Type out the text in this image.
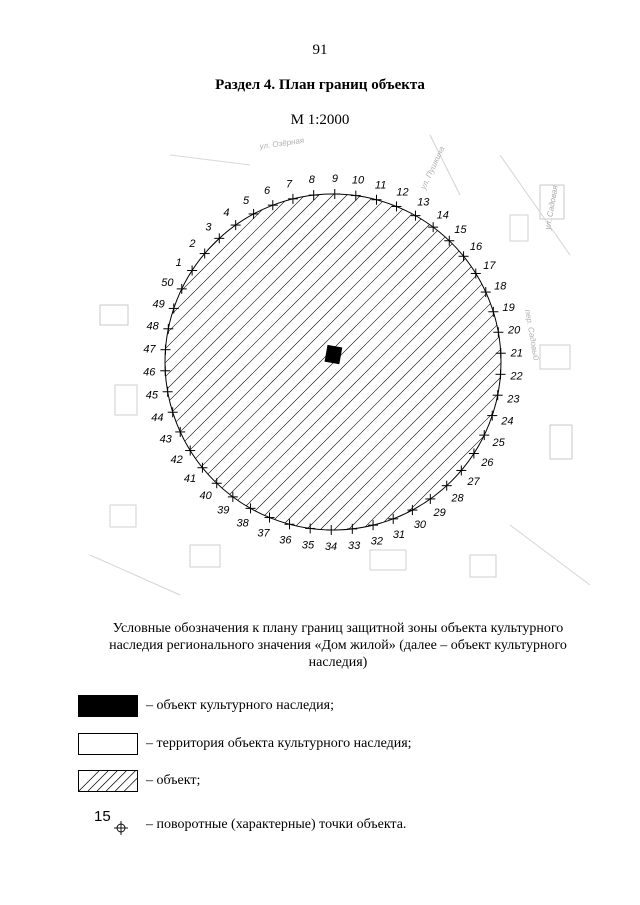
91
Раздел 4. План границ объекта
М 1:2000
ул. Озёрная
ул. Садовая
ул. Пушкина
пер. Садовый
1
2
3
4
5
6
7 8 9 10 11
12
13
14
15
16
17
18
19
20
21
22
23
24
25
26
27
28
29
30
31
32
33
34
35
36
37
38
39
40
41
42
43
44
45
46
47
48
49
50
Условные обозначения к плану границ защитной зоны объекта культурного наследия регионального значения «Дом жилой» (далее – объект культурного наследия)
– объект культурного наследия;
– территория объекта культурного наследия;
– объект;
15	– поворотные (характерные) точки объекта.
